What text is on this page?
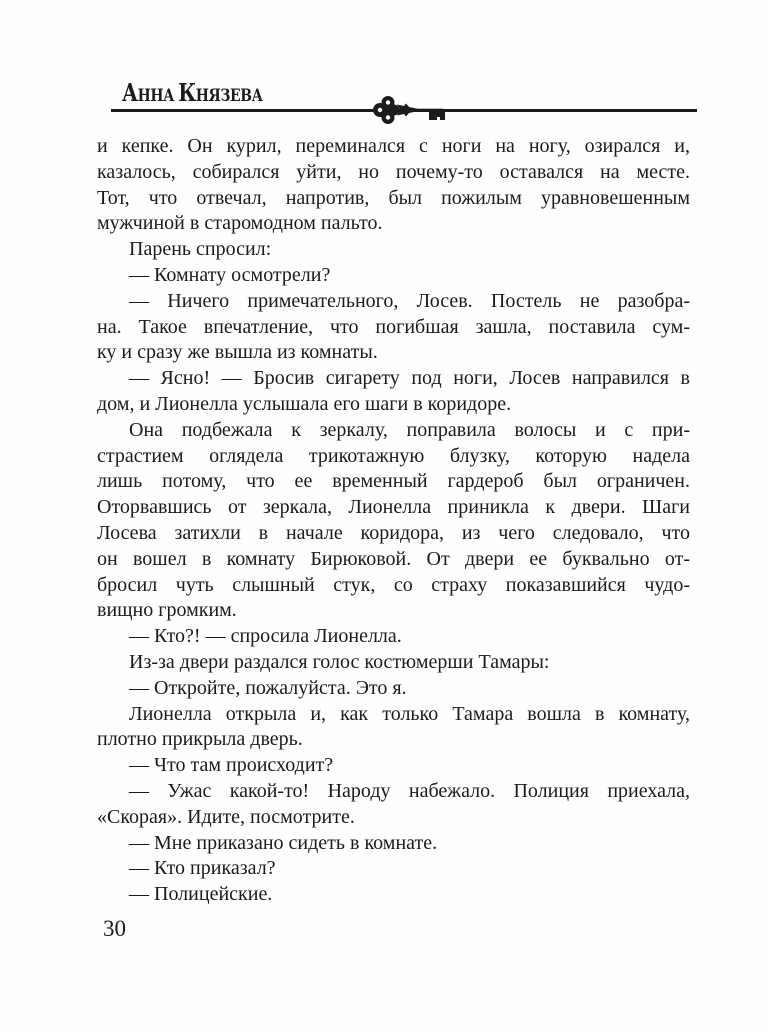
АННА КНЯЗЕВА
и кепке. Он курил, переминался с ноги на ногу, озирался и,
казалось, собирался уйти, но почему-то оставался на месте.
Тот, что отвечал, напротив, был пожилым уравновешенным
мужчиной в старомодном пальто.
Парень спросил:
— Комнату осмотрели?
— Ничего примечательного, Лосев. Постель не разобра-
на. Такое впечатление, что погибшая зашла, поставила сум-
ку и сразу же вышла из комнаты.
— Ясно! — Бросив сигарету под ноги, Лосев направился в
дом, и Лионелла услышала его шаги в коридоре.
Она подбежала к зеркалу, поправила волосы и с при-
страстием оглядела трикотажную блузку, которую надела
лишь потому, что ее временный гардероб был ограничен.
Оторвавшись от зеркала, Лионелла приникла к двери. Шаги
Лосева затихли в начале коридора, из чего следовало, что
он вошел в комнату Бирюковой. От двери ее буквально от-
бросил чуть слышный стук, со страху показавшийся чудо-
вищно громким.
— Кто?! — спросила Лионелла.
Из-за двери раздался голос костюмерши Тамары:
— Откройте, пожалуйста. Это я.
Лионелла открыла и, как только Тамара вошла в комнату,
плотно прикрыла дверь.
— Что там происходит?
— Ужас какой-то! Народу набежало. Полиция приехала,
«Скорая». Идите, посмотрите.
— Мне приказано сидеть в комнате.
— Кто приказал?
— Полицейские.
30
